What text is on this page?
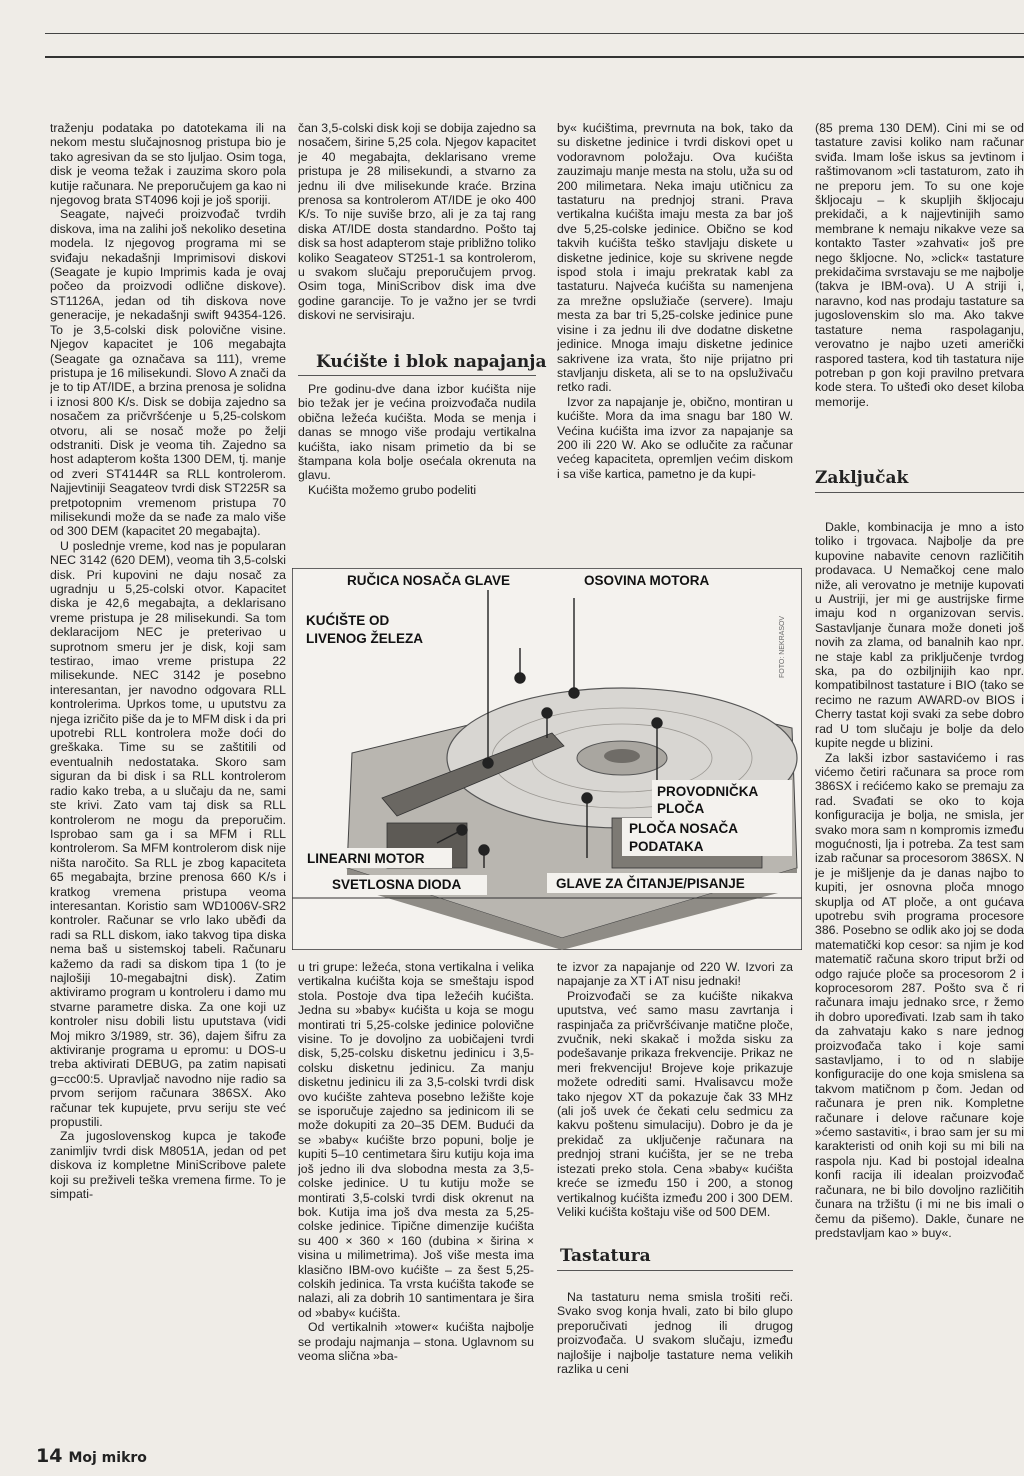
traženju podataka po datotekama ili na nekom mestu slučajnosnog pristupa bio je tako agresivan da se sto ljuljao. Osim toga, disk je veoma težak i zauzima skoro pola kutije računara. Ne preporučujem ga kao ni njegovog brata ST4096 koji je još sporiji.

Seagate, najveći proizvođač tvrdih diskova, ima na zalihi još nekoliko desetina modela. Iz njegovog programa mi se sviđaju nekadašnji Imprimisovi diskovi (Seagate je kupio Imprimis kada je ovaj počeo da proizvodi odlične diskove). ST1126A, jedan od tih diskova nove generacije, je nekadašnji swift 94354-126. To je 3,5-colski disk polovične visine. Njegov kapacitet je 106 megabajta (Seagate ga označava sa 111), vreme pristupa je 16 milisekundi. Slovo A znači da je to tip AT/IDE, a brzina prenosa je solidna i iznosi 800 K/s. Disk se dobija zajedno sa nosačem za pričvršćenje u 5,25-colskom otvoru, ali se nosač može po želji odstraniti. Disk je veoma tih. Zajedno sa host adapterom košta 1300 DEM, tj. manje od zveri ST4144R sa RLL kontrolerom. Najjevtiniji Seagateov tvrdi disk ST225R sa pretpotopnim vremenom pristupa 70 milisekundi može da se nađe za malo više od 300 DEM (kapacitet 20 megabajta).

U poslednje vreme, kod nas je popularan NEC 3142 (620 DEM), veoma tih 3,5-colski disk. Pri kupovini ne daju nosač za ugradnju u 5,25-colski otvor. Kapacitet diska je 42,6 megabajta, a deklarisano vreme pristupa je 28 milisekundi. Sa tom deklaracijom NEC je preterivao u suprotnom smeru jer je disk, koji sam testirao, imao vreme pristupa 22 milisekunde. NEC 3142 je posebno interesantan, jer navodno odgovara RLL kontrolerima. Uprkos tome, u uputstvu za njega izričito piše da je to MFM disk i da pri upotrebi RLL kontrolera može doći do greškaka. Time su se zaštitili od eventualnih nedostataka. Skoro sam siguran da bi disk i sa RLL kontrolerom radio kako treba, a u slučaju da ne, sami ste krivi. Zato vam taj disk sa RLL kontrolerom ne mogu da preporučim. Isprobao sam ga i sa MFM i RLL kontrolerom. Sa MFM kontrolerom disk nije ništa naročito. Sa RLL je zbog kapaciteta 65 megabajta, brzine prenosa 660 K/s i kratkog vremena pristupa veoma interesantan. Koristio sam WD1006V-SR2 kontroler. Računar se vrlo lako uběđi da radi sa RLL diskom, iako takvog tipa diska nema baš u sistemskoj tabeli. Računaru kažemo da radi sa diskom tipa 1 (to je najlošiji 10-megabajtni disk). Zatim aktiviramo program u kontroleru i damo mu stvarne parametre diska. Za one koji uz kontroler nisu dobili listu uputstava (vidi Moj mikro 3/1989, str. 36), dajem šifru za aktiviranje programa u epromu: u DOS-u treba aktivirati DEBUG, pa zatim napisati g=cc00:5. Upravljač navodno nije radio sa prvom serijom računara 386SX. Ako računar tek kupujete, prvu seriju ste već propustili.

Za jugoslovenskog kupca je takođe zanimljiv tvrdi disk M8051A, jedan od pet diskova iz kompletne MiniScribove palete koji su preživeli teška vremena firme. To je simpati-

čan 3,5-colski disk koji se dobija zajedno sa nosačem, širine 5,25 cola. Njegov kapacitet je 40 megabajta, deklarisano vreme pristupa je 28 milisekundi, a stvarno za jednu ili dve milisekunde kraće. Brzina prenosa sa kontrolerom AT/IDE je oko 400 K/s. To nije suviše brzo, ali je za taj rang diska AT/IDE dosta standardno. Pošto taj disk sa host adapterom staje približno toliko koliko Seagateov ST251-1 sa kontrolerom, u svakom slučaju preporučujem prvog. Osim toga, MiniScribov disk ima dve godine garancije. To je važno jer se tvrdi diskovi ne servisiraju.

Kućište i blok napajanja

Pre godinu-dve dana izbor kućišta nije bio težak jer je većina proizvođača nudila obična ležeća kućišta. Moda se menja i danas se mnogo više prodaju vertikalna kućišta, iako nisam primetio da bi se štampana kola bolje osećala okrenuta na glavu.

Kućišta možemo grubo podeliti

by« kućištima, prevrnuta na bok, tako da su disketne jedinice i tvrdi diskovi opet u vodoravnom položaju. Ova kućišta zauzimaju manje mesta na stolu, uža su od 200 milimetara. Neka imaju utičnicu za tastaturu na prednjoj strani. Prava vertikalna kućišta imaju mesta za bar još dve 5,25-colske jedinice. Obično se kod takvih kućišta teško stavljaju diskete u disketne jedinice, koje su skrivene negde ispod stola i imaju prekratak kabl za tastaturu. Najveća kućišta su namenjena za mrežne opslužiače (servere). Imaju mesta za bar tri 5,25-colske jedinice pune visine i za jednu ili dve dodatne disketne jedinice. Mnoga imaju disketne jedinice sakrivene iza vrata, što nije prijatno pri stavljanju disketa, ali se to na opsluživaču retko radi.

Izvor za napajanje je, obično, montiran u kućište. Mora da ima snagu bar 180 W. Većina kućišta ima izvor za napajanje sa 200 ili 220 W. Ako se odlučite za računar većeg kapaciteta, opremljen većim diskom i sa više kartica, pametno je da kupi-

(85 prema 130 DEM). Cini mi se od tastature zavisi koliko nam računar sviđa. Imam loše iskus sa jevtinom i raštimovanom »cli tastaturom, zato ih ne preporu jem. To su one koje škljocaju – k skupljih škljocaju prekidači, a k najjevtinijih samo membrane k nemaju nikakve veze sa kontakto Taster »zahvati« još pre nego škljocne. No, »click« tastature prekidačima svrstavaju se me najbolje (takva je IBM-ova). U A striji i, naravno, kod nas prodaju tastature sa jugoslovenskim slo ma. Ako takve tastature nema raspolaganju, verovatno je najbo uzeti američki raspored tastera, kod tih tastatura nije potreban p gon koji pravilno pretvara kode stera. To ušteđi oko deset kiloba memorije.

Zaključak

Dakle, kombinacija je mno a isto toliko i trgovaca. Najbolje da pre kupovine nabavite cenovn različitih prodavaca. U Nemačkoj cene malo niže, ali verovatno je metnije kupovati u Austriji, jer mi ge austrijske firme imaju kod n organizovan servis. Sastavljanje čunara može doneti još novih za zlama, od banalnih kao npr. ne staje kabl za priključenje tvrdog ska, pa do ozbiljnijih kao npr. kompatibilnost tastature i BIO (tako se recimo ne razum AWARD-ov BIOS i Cherry tastat koji svaki za sebe dobro rad U tom slučaju je bolje da delo kupite negde u blizini.

Za lakši izbor sastavićemo i ras vićemo četiri računara sa proce rom 386SX i rećićemo kako se premaju za rad. Svađati se oko to koja konfiguracija je bolja, ne smisla, jer svako mora sam n kompromis između mogućnosti, lja i potreba. Za test sam izab računar sa procesorom 386SX. N je je mišljenje da je danas najbo to kupiti, jer osnovna ploča mnogo skuplja od AT ploče, a ont gućava upotrebu svih programa procesore 386. Posebno se odlik ako joj se doda matematički kop cesor: sa njim je kod matematič računa skoro triput brži od odgo rajuće ploče sa procesorom 2 i koprocesorom 287. Pošto sva č ri računara imaju jednako srce, r žemo ih dobro upoređivati. Izab sam ih tako da zahvataju kako s nare jednog proizvođača tako i koje sami sastavljamo, i to od n slabije konfiguracije do one koja smislena sa takvom matičnom p čom. Jedan od računara je pren nik. Kompletne računare i delove računare koje »ćemo sastaviti«, i brao sam jer su mi karakteristi od onih koji su mi bili na raspola nju. Kad bi postojal idealna konfi racija ili idealan proizvođač računara, ne bi bilo dovoljno različitih čunara na tržištu (i mi ne bis imali o čemu da pišemo). Dakle, čunare ne predstavljam kao » buy«.

RUČICA NOSAČA GLAVE	OSOVINA MOTORA
KUĆIŠTE OD
LIVENOG ŽELEZA
PROVODNIČKA
PLOČA
PLOČA NOSAČA
PODATAKA
LINEARNI MOTOR
SVETLOSNA DIODA	GLAVE ZA ČITANJE/PISANJE
FOTO: NEKRASOV

u tri grupe: ležeća, stona vertikalna i velika vertikalna kućišta koja se smeštaju ispod stola. Postoje dva tipa ležećih kućišta. Jedna su »baby« kućišta u koja se mogu montirati tri 5,25-colske jedinice polovične visine. To je dovoljno za uobičajeni tvrdi disk, 5,25-colsku disketnu jedinicu i 3,5-colsku disketnu jedinicu. Za manju disketnu jedinicu ili za 3,5-colski tvrdi disk ovo kućište zahteva posebno ležište koje se isporučuje zajedno sa jedinicom ili se može dokupiti za 20–35 DEM. Budući da se »baby« kućište brzo popuni, bolje je kupiti 5–10 centimetara širu kutiju koja ima još jedno ili dva slobodna mesta za 3,5-colske jedinice. U tu kutiju može se montirati 3,5-colski tvrdi disk okrenut na bok. Kutija ima još dva mesta za 5,25-colske jedinice. Tipične dimenzije kućišta su 400 × 360 × 160 (dubina × širina × visina u milimetrima). Još više mesta ima klasično IBM-ovo kućište – za šest 5,25-colskih jedinica. Ta vrsta kućišta takođe se nalazi, ali za dobrih 10 santimentara je šira od »baby« kućišta.

Od vertikalnih »tower« kućišta najbolje se prodaju najmanja – stona. Uglavnom su veoma slična »ba-

te izvor za napajanje od 220 W. Izvori za napajanje za XT i AT nisu jednaki!

Proizvođači se za kućište nikakva uputstva, već samo masu zavrtanja i raspinjača za pričvršćivanje matične ploče, zvučnik, neki skakač i možda sisku za podešavanje prikaza frekvencije. Prikaz ne meri frekvenciju! Brojeve koje prikazuje možete odrediti sami. Hvalisavcu može tako njegov XT da pokazuje čak 33 MHz (ali još uvek će čekati celu sedmicu za kakvu poštenu simulaciju). Dobro je da je prekidač za uključenje računara na prednjoj strani kućišta, jer se ne treba istezati preko stola. Cena »baby« kućišta kreće se između 150 i 200, a stonog vertikalnog kućišta između 200 i 300 DEM. Veliki kućišta koštaju više od 500 DEM.

Tastatura

Na tastaturu nema smisla trošiti reči. Svako svog konja hvali, zato bi bilo glupo preporučivati jednog ili drugog proizvođača. U svakom slučaju, između najlošije i najbolje tastature nema velikih razlika u ceni

14 Moj mikro
